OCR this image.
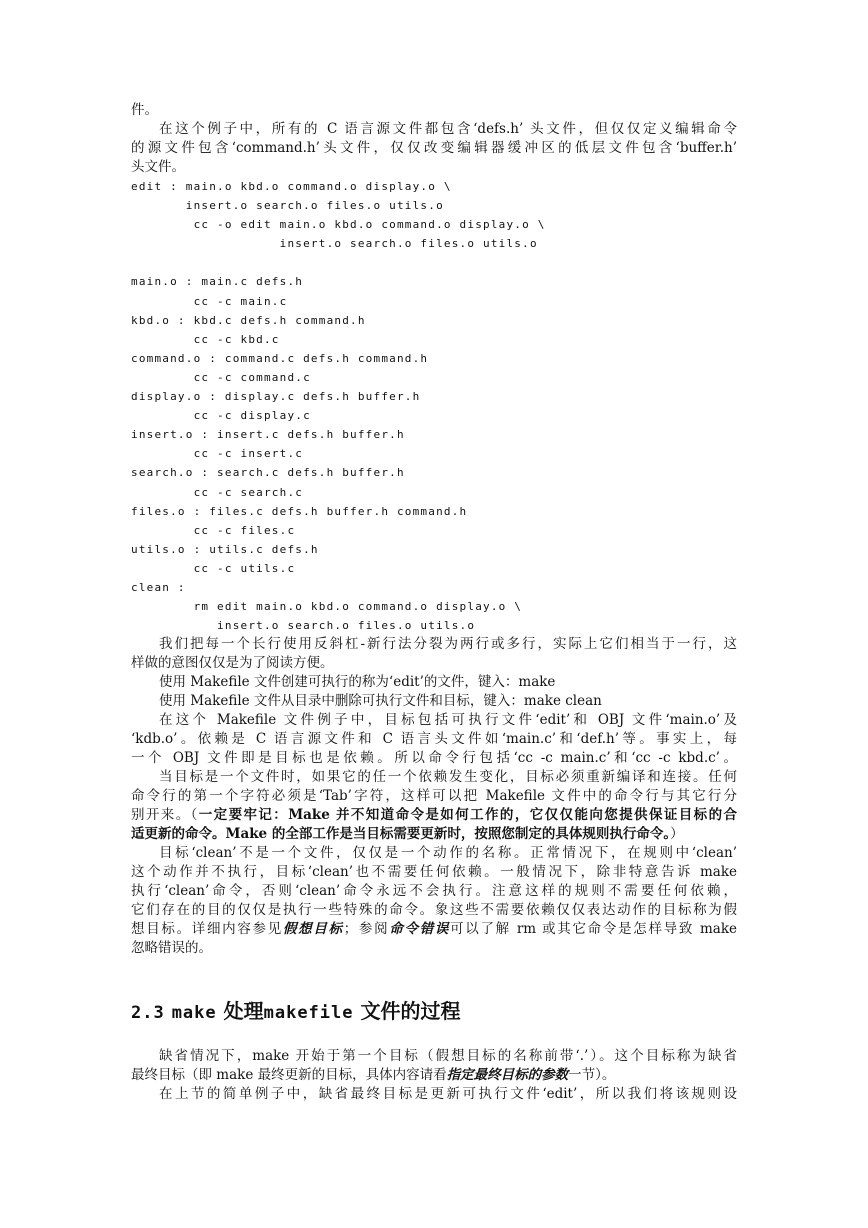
件。
在这个例子中，所有的 C 语言源文件都包含‘defs.h’ 头文件，但仅仅定义编辑命令
的源文件包含‘command.h’头文件，仅仅改变编辑器缓冲区的低层文件包含‘buffer.h’
头文件。
edit : main.o kbd.o command.o display.o \
insert.o search.o files.o utils.o
cc -o edit main.o kbd.o command.o display.o \
insert.o search.o files.o utils.o
main.o : main.c defs.h
cc -c main.c
kbd.o : kbd.c defs.h command.h
cc -c kbd.c
command.o : command.c defs.h command.h
cc -c command.c
display.o : display.c defs.h buffer.h
cc -c display.c
insert.o : insert.c defs.h buffer.h
cc -c insert.c
search.o : search.c defs.h buffer.h
cc -c search.c
files.o : files.c defs.h buffer.h command.h
cc -c files.c
utils.o : utils.c defs.h
cc -c utils.c
clean :
rm edit main.o kbd.o command.o display.o \
insert.o search.o files.o utils.o
我们把每一个长行使用反斜杠-新行法分裂为两行或多行，实际上它们相当于一行，这
样做的意图仅仅是为了阅读方便。
使用 Makefile 文件创建可执行的称为‘edit’的文件，键入：make
使用 Makefile 文件从目录中删除可执行文件和目标，键入：make clean
在这个 Makefile 文件例子中，目标包括可执行文件‘edit’和 OBJ 文件‘main.o’及
‘kdb.o’。依赖是 C 语言源文件和 C 语言头文件如‘main.c’和‘def.h’等。事实上，每
一个 OBJ 文件即是目标也是依赖。所以命令行包括‘cc -c main.c’和‘cc -c kbd.c’。
当目标是一个文件时，如果它的任一个依赖发生变化，目标必须重新编译和连接。任何
命令行的第一个字符必须是‘Tab’字符，这样可以把 Makefile 文件中的命令行与其它行分
别开来。（一定要牢记：Make 并不知道命令是如何工作的，它仅仅能向您提供保证目标的合
适更新的命令。Make 的全部工作是当目标需要更新时，按照您制定的具体规则执行命令。）
目标‘clean’不是一个文件，仅仅是一个动作的名称。正常情况下，在规则中‘clean’
这个动作并不执行，目标‘clean’也不需要任何依赖。一般情况下，除非特意告诉 make
执行‘clean’命令，否则‘clean’命令永远不会执行。注意这样的规则不需要任何依赖，
它们存在的目的仅仅是执行一些特殊的命令。象这些不需要依赖仅仅表达动作的目标称为假
想目标。详细内容参见假想目标；参阅命令错误可以了解 rm 或其它命令是怎样导致 make
忽略错误的。
2.3 make 处理makefile 文件的过程
缺省情况下，make 开始于第一个目标（假想目标的名称前带‘.’）。这个目标称为缺省
最终目标（即 make 最终更新的目标，具体内容请看指定最终目标的参数一节）。
在上节的简单例子中，缺省最终目标是更新可执行文件‘edit’，所以我们将该规则设
